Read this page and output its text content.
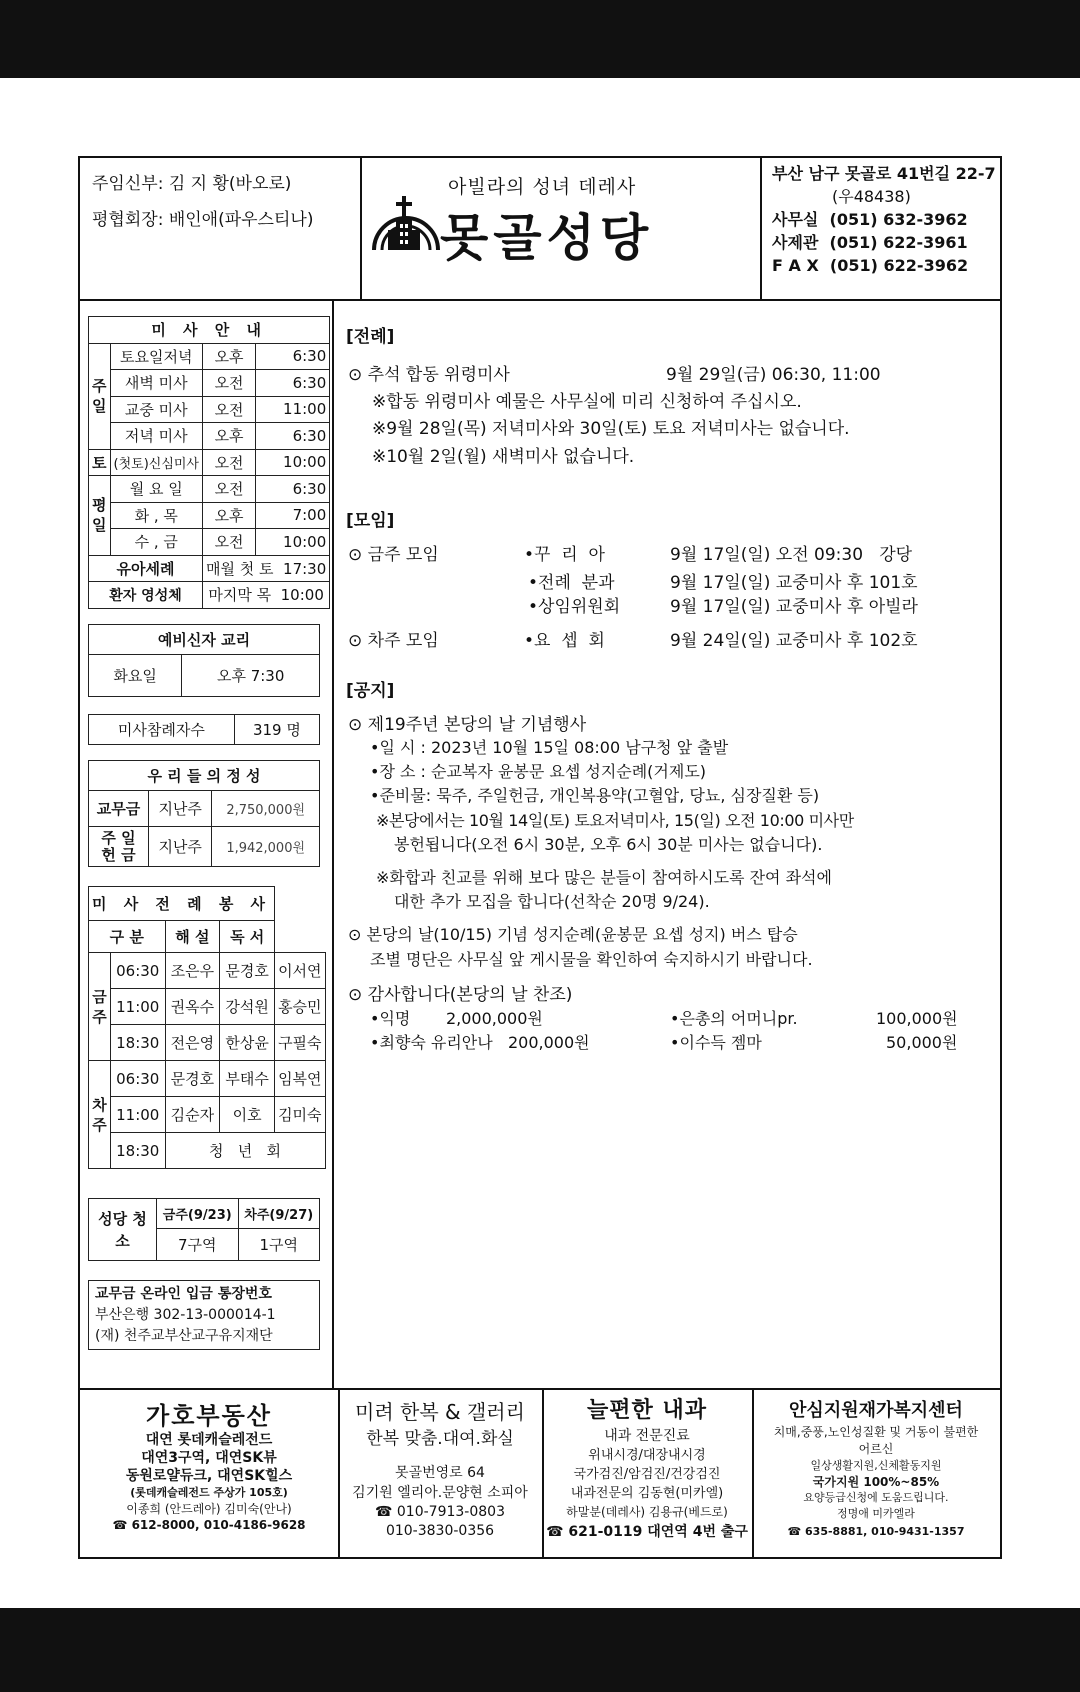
주임신부: 김 지 황(바오로)
평협회장: 배인애(파우스티나)
아빌라의 성녀 데레사
못골성당
부산 남구 못골로 41번길 22-7
(우48438)
사무실  (051) 632-3962
사제관  (051) 622-3961
F A X  (051) 622-3962
미 사 안 내			
주일	토요일저녁	오후	6:30
	새벽 미사	오전	6:30
	교중 미사	오전	11:00
	저녁 미사	오후	6:30
토	(첫토)신심미사	오전	10:00
평일	월 요 일	오전	6:30
	화 , 목	오후	7:00
	수 , 금	오전	10:00
유아세례		매월 첫 토  17:30	
환자 영성체		마지막 목  10:00	
예비신자 교리
화요일	오후 7:30
미사참례자수	319 명
우 리 들 의 정 성		
교무금	지난주	2,750,000원
주 일 헌 금	지난주	1,942,000원
미 사 전 례 봉 사				
구 분		해 설	독 서	
금주	06:30	조은우	문경호	이서연
	11:00	권옥수	강석원	홍승민
	18:30	전은영	한상윤	구필숙
차주	06:30	문경호	부태수	임복연
	11:00	김순자	이호	김미숙
	18:30	청   년   회		
성당 청소	금주(9/23)	차주(9/27)
	7구역	1구역
교무금 온라인 입금 통장번호
부산은행 302-13-000014-1
(재) 천주교부산교구유지재단
[전례]
⊙ 추석 합동 위령미사	9월 29일(금) 06:30, 11:00
※합동 위령미사 예물은 사무실에 미리 신청하여 주십시오.
※9월 28일(목) 저녁미사와 30일(토) 토요 저녁미사는 없습니다.
※10월 2일(월) 새벽미사 없습니다.
[모임]
⊙ 금주 모임	•꾸  리  아	9월 17일(일) 오전 09:30   강당
•전례  분과	9월 17일(일) 교중미사 후 101호
•상임위원회	9월 17일(일) 교중미사 후 아빌라
⊙ 차주 모임	•요  셉  회	9월 24일(일) 교중미사 후 102호
[공지]
⊙ 제19주년 본당의 날 기념행사
•일 시 : 2023년 10월 15일 08:00 남구청 앞 출발
•장 소 : 순교복자 윤봉문 요셉 성지순례(거제도)
•준비물: 묵주, 주일헌금, 개인복용약(고혈압, 당뇨, 심장질환 등)
※본당에서는 10월 14일(토) 토요저녁미사, 15(일) 오전 10:00 미사만
봉헌됩니다(오전 6시 30분, 오후 6시 30분 미사는 없습니다).
※화합과 친교를 위해 보다 많은 분들이 참여하시도록 잔여 좌석에
대한 추가 모집을 합니다(선착순 20명 9/24).
⊙ 본당의 날(10/15) 기념 성지순례(윤봉문 요셉 성지) 버스 탑승
조별 명단은 사무실 앞 게시물을 확인하여 숙지하시기 바랍니다.
⊙ 감사합니다(본당의 날 찬조)
•익명       2,000,000원	•은총의 어머니pr.	100,000원
•최향숙 유리안나   200,000원	•이수득 젬마	50,000원
가호부동산
대연 롯데캐슬레전드
대연3구역, 대연SK뷰
동원로얄듀크, 대연SK힐스
(롯데캐슬레전드 주상가 105호)
이종희 (안드레아) 김미숙(안나)
☎ 612-8000, 010-4186-9628
미려 한복 & 갤러리
한복 맞춤.대여.화실
못골번영로 64
김기원 엘리아.문양현 소피아
☎ 010-7913-0803
010-3830-0356
늘편한 내과
내과 전문진료
위내시경/대장내시경
국가검진/암검진/건강검진
내과전문의 김동현(미카엘)
하말분(데레사) 김용규(베드로)
☎ 621-0119 대연역 4번 출구
안심지원재가복지센터
치매,중풍,노인성질환 및 거동이 불편한
어르신
일상생활지원,신체활동지원
국가지원 100%~85%
요양등급신청에 도움드립니다.
정명애 미카엘라
☎ 635-8881, 010-9431-1357
